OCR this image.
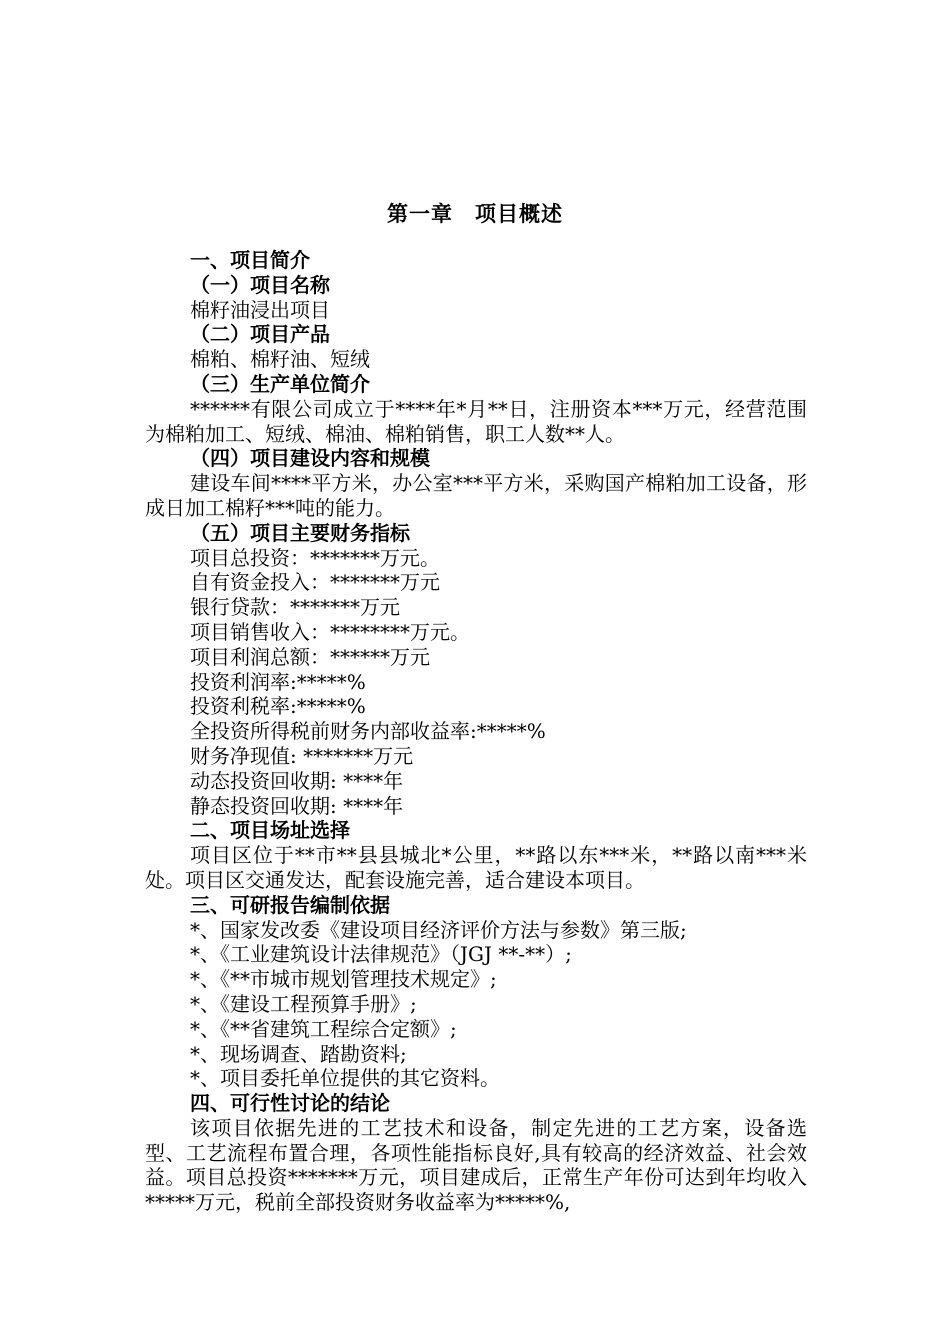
第一章　项目概述
一、项目简介
（一）项目名称
棉籽油浸出项目
（二）项目产品
棉粕、棉籽油、短绒
（三）生产单位简介
******有限公司成立于****年*月**日，注册资本***万元，经营范围为棉粕加工、短绒、棉油、棉粕销售，职工人数**人。
（四）项目建设内容和规模
建设车间****平方米，办公室***平方米，采购国产棉粕加工设备，形成日加工棉籽***吨的能力。
（五）项目主要财务指标
项目总投资：*******万元。
自有资金投入：*******万元
银行贷款：*******万元
项目销售收入：********万元。
项目利润总额：******万元
投资利润率:*****%
投资利税率:*****%
全投资所得税前财务内部收益率:*****%
财务净现值: *******万元
动态投资回收期: ****年
静态投资回收期: ****年
二、项目场址选择
项目区位于**市**县县城北*公里，**路以东***米，**路以南***米处。项目区交通发达，配套设施完善，适合建设本项目。
三、可研报告编制依据
*、国家发改委《建设项目经济评价方法与参数》第三版;
*、《工业建筑设计法律规范》（JGJ **-**）;
*、《**市城市规划管理技术规定》;
*、《建设工程预算手册》;
*、《**省建筑工程综合定额》;
*、现场调查、踏勘资料;
*、项目委托单位提供的其它资料。
四、可行性讨论的结论
该项目依据先进的工艺技术和设备，制定先进的工艺方案，设备选型、工艺流程布置合理，各项性能指标良好,具有较高的经济效益、社会效益。项目总投资*******万元，项目建成后，正常生产年份可达到年均收入*****万元，税前全部投资财务收益率为*****%,
